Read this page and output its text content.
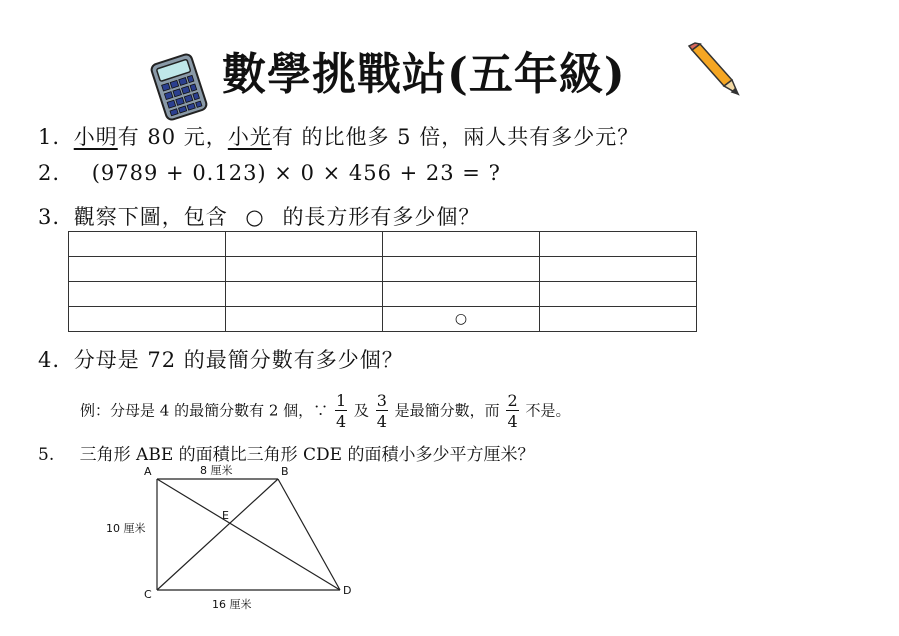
數學挑戰站(五年級)
1. 小明有 80 元，小光有 的比他多 5 倍，兩人共有多少元？
2. (9789 + 0.123) × 0 × 456 + 23 = ?
3. 觀察下圖，包含 ○ 的長方形有多少個？

		○	
4. 分母是 72 的最簡分數有多少個？
例：分母是 4 的最簡分數有 2 個，∵ $\frac{1}{4}$ 及 $\frac{3}{4}$ 是最簡分數，而 $\frac{2}{4}$ 不是。
5. 三角形 ABE 的面積比三角形 CDE 的面積小多少平方厘米？
A	B
C	D
E
8 厘米
10 厘米
16 厘米
